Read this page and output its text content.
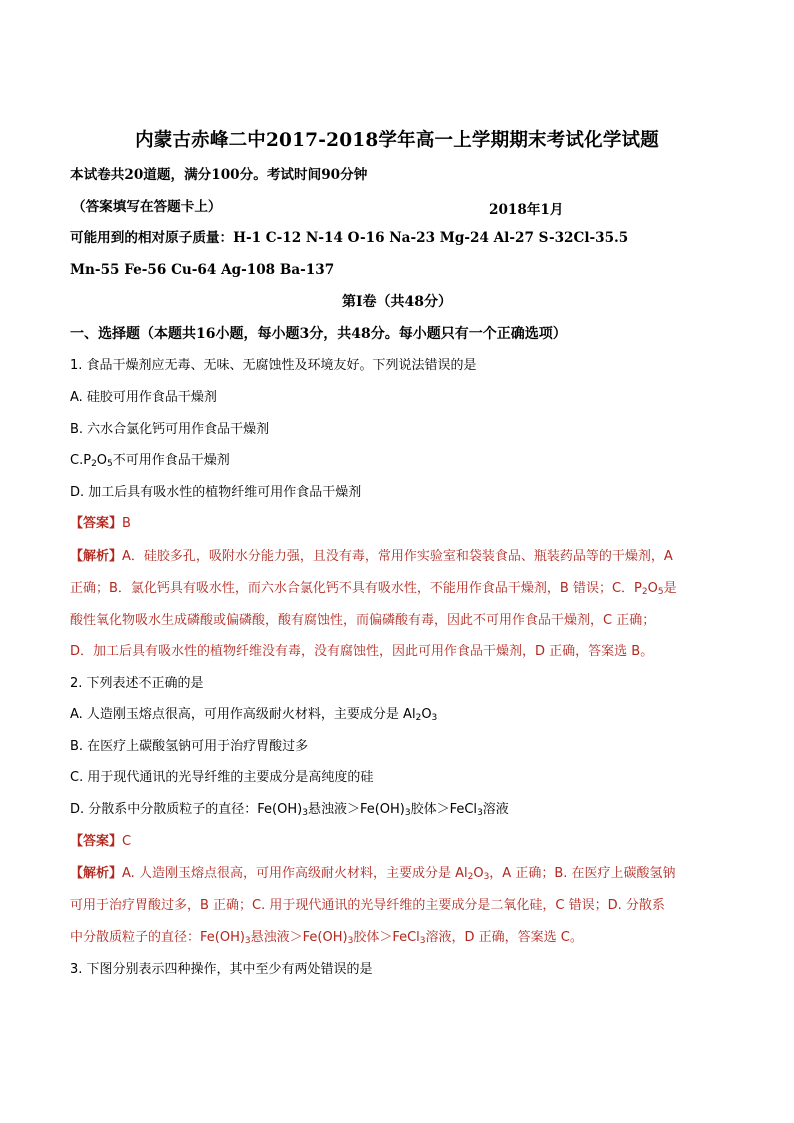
内蒙古赤峰二中2017-2018学年高一上学期期末考试化学试题
本试卷共20道题，满分100分。考试时间90分钟
（答案填写在答题卡上）	2018年1月
可能用到的相对原子质量：H-1 C-12 N-14 O-16 Na-23 Mg-24 Al-27 S-32Cl-35.5
Mn-55 Fe-56 Cu-64 Ag-108 Ba-137
第Ⅰ卷（共48分）
一、选择题（本题共16小题，每小题3分，共48分。每小题只有一个正确选项）
1. 食品干燥剂应无毒、无味、无腐蚀性及环境友好。下列说法错误的是
A. 硅胶可用作食品干燥剂
B. 六水合氯化钙可用作食品干燥剂
$C.P_2O_5$不可用作食品干燥剂
D. 加工后具有吸水性的植物纤维可用作食品干燥剂
【答案】B
【解析】A．硅胶多孔，吸附水分能力强，且没有毒，常用作实验室和袋装食品、瓶装药品等的干燥剂，A
正确；B．氯化钙具有吸水性，而六水合氯化钙不具有吸水性，不能用作食品干燥剂，B 错误；C．$P_2O_5$是
酸性氧化物吸水生成磷酸或偏磷酸，酸有腐蚀性，而偏磷酸有毒，因此不可用作食品干燥剂，C 正确；
D．加工后具有吸水性的植物纤维没有毒，没有腐蚀性，因此可用作食品干燥剂，D 正确，答案选 B。
2. 下列表述不正确的是
A. 人造刚玉熔点很高，可用作高级耐火材料，主要成分是 $Al_2O_3$
B. 在医疗上碳酸氢钠可用于治疗胃酸过多
C. 用于现代通讯的光导纤维的主要成分是高纯度的硅
D. 分散系中分散质粒子的直径：$Fe(OH)_3$悬浊液$>Fe(OH)_3$胶体＞FeCl$_3$溶液
【答案】C
【解析】A. 人造刚玉熔点很高，可用作高级耐火材料，主要成分是 $Al_2O_3$，A 正确；B. 在医疗上碳酸氢钠
可用于治疗胃酸过多，B 正确；C. 用于现代通讯的光导纤维的主要成分是二氧化硅，C 错误；D. 分散系
中分散质粒子的直径：$Fe(OH)_3$悬浊液$>Fe(OH)_3$胶体＞FeCl$_3$溶液，D 正确，答案选 C。
3. 下图分别表示四种操作，其中至少有两处错误的是
